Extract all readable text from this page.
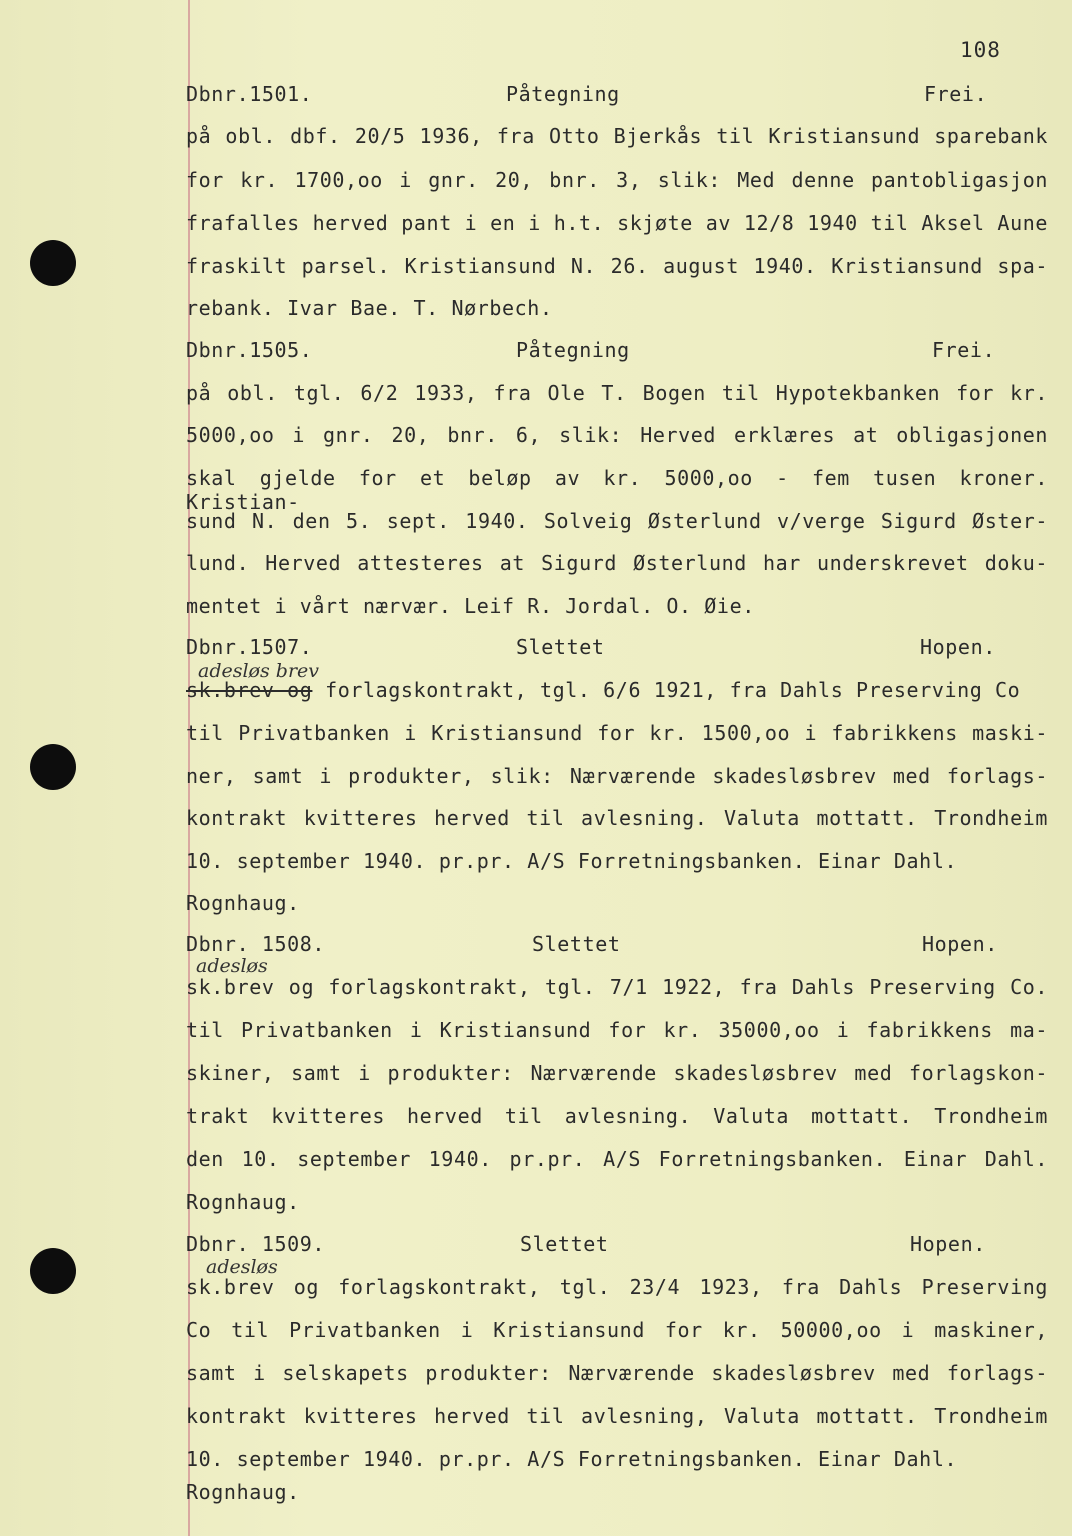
108
Dbnr.1501.	Påtegning	Frei.
på obl. dbf. 20/5 1936, fra Otto Bjerkås til Kristiansund sparebank
for kr. 1700,oo i gnr. 20, bnr. 3, slik: Med denne pantobligasjon
frafalles herved pant i en i h.t. skjøte av 12/8 1940 til Aksel Aune
fraskilt parsel. Kristiansund N. 26. august 1940. Kristiansund spa-
rebank. Ivar Bae. T. Nørbech.
Dbnr.1505.	Påtegning	Frei.
på obl. tgl. 6/2 1933, fra Ole T. Bogen til Hypotekbanken for kr.
5000,oo i gnr. 20, bnr. 6, slik: Herved erklæres at obligasjonen
skal gjelde for et beløp av kr. 5000,oo - fem tusen kroner. Kristian-
sund N. den 5. sept. 1940. Solveig Østerlund v/verge Sigurd Øster-
lund. Herved attesteres at Sigurd Østerlund har underskrevet doku-
mentet i vårt nærvær. Leif R. Jordal. O. Øie.
Dbnr.1507.	Slettet	Hopen.
adesløs brev
sk.brev og forlagskontrakt, tgl. 6/6 1921, fra Dahls Preserving Co
til Privatbanken i Kristiansund for kr. 1500,oo i fabrikkens maski-
ner, samt i produkter, slik: Nærværende skadesløsbrev med forlags-
kontrakt kvitteres herved til avlesning. Valuta mottatt. Trondheim
10. september 1940. pr.pr. A/S Forretningsbanken. Einar Dahl.
Rognhaug.
Dbnr. 1508.	Slettet	Hopen.
adesløs
sk.brev og forlagskontrakt, tgl. 7/1 1922, fra Dahls Preserving Co.
til Privatbanken i Kristiansund for kr. 35000,oo i fabrikkens ma-
skiner, samt i produkter: Nærværende skadesløsbrev med forlagskon-
trakt kvitteres herved til avlesning. Valuta mottatt. Trondheim
den 10. september 1940. pr.pr. A/S Forretningsbanken. Einar Dahl.
Rognhaug.
Dbnr. 1509.	Slettet	Hopen.
adesløs
sk.brev og forlagskontrakt, tgl. 23/4 1923, fra Dahls Preserving
Co til Privatbanken i Kristiansund for kr. 50000,oo i maskiner,
samt i selskapets produkter: Nærværende skadesløsbrev med forlags-
kontrakt kvitteres herved til avlesning, Valuta mottatt. Trondheim
10. september 1940. pr.pr. A/S Forretningsbanken. Einar Dahl.
Rognhaug.
